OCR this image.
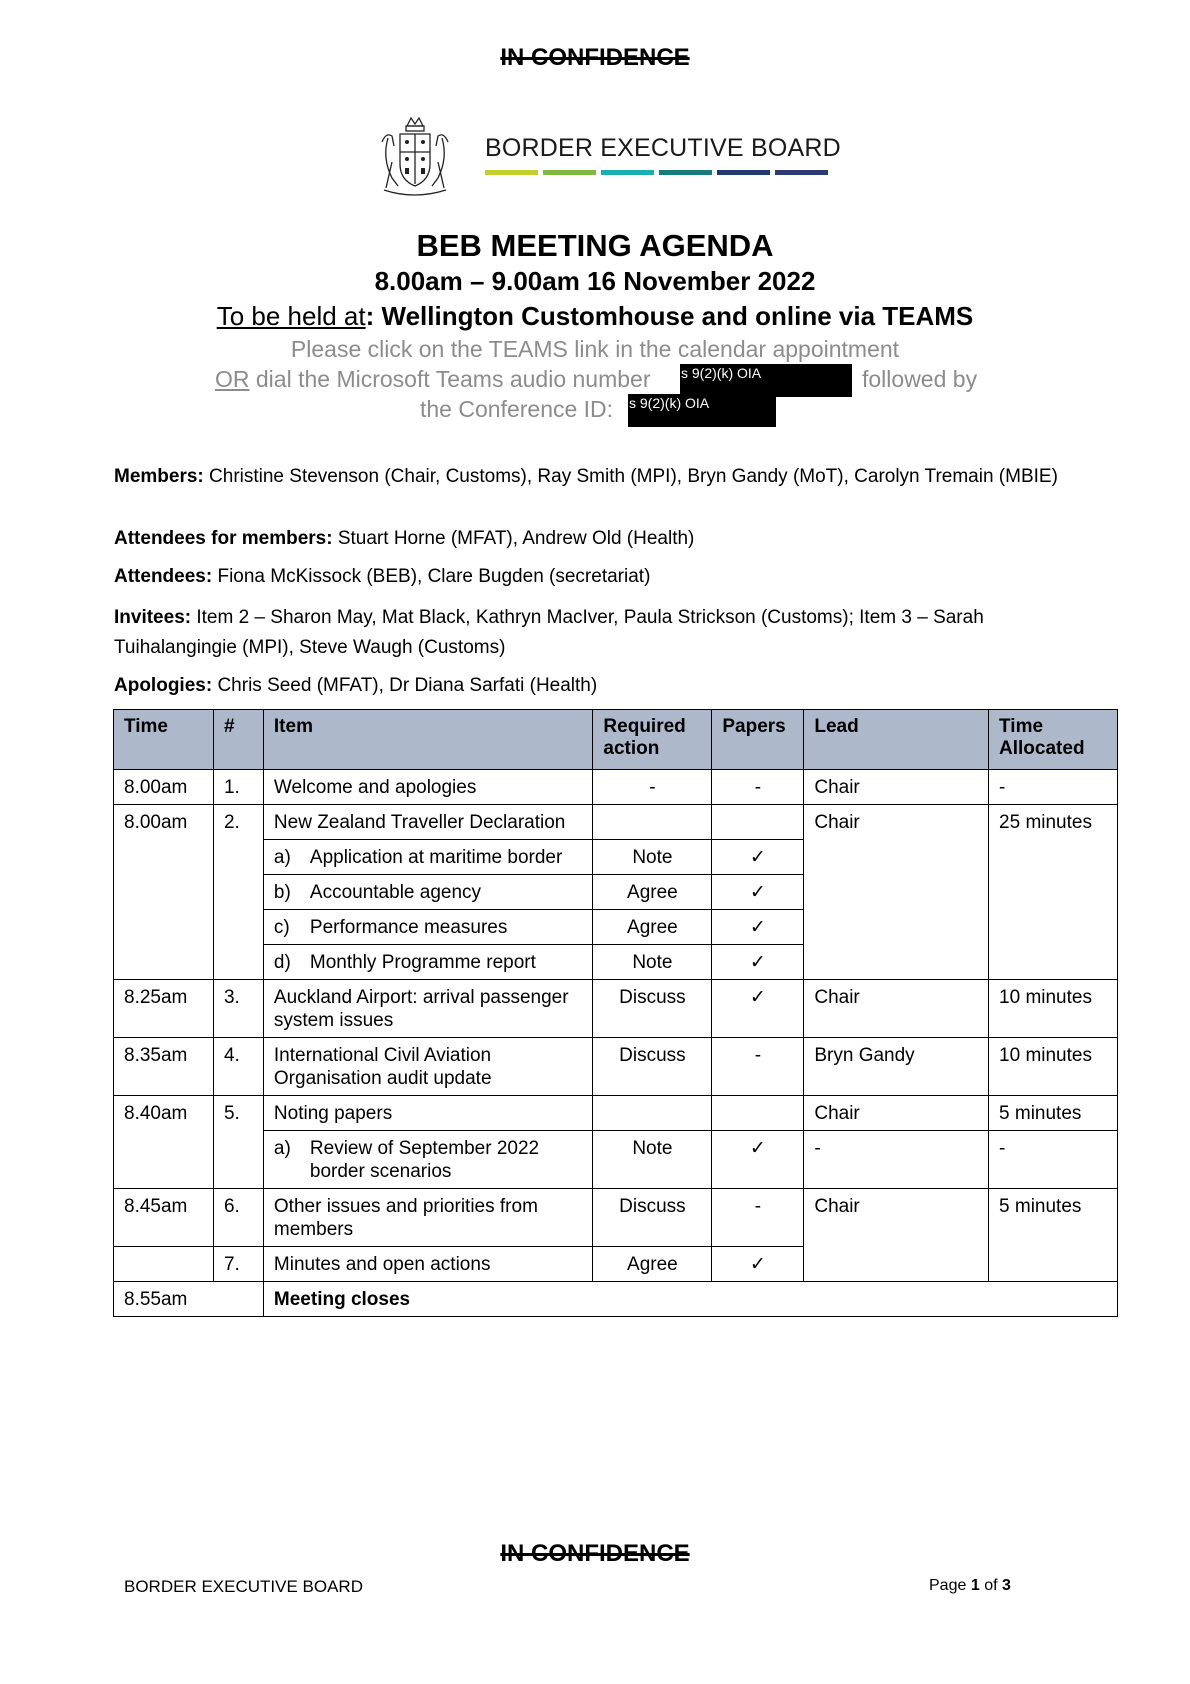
IN CONFIDENCE
BORDER EXECUTIVE BOARD
BEB MEETING AGENDA
8.00am – 9.00am 16 November 2022
To be held at: Wellington Customhouse and online via TEAMS
Please click on the TEAMS link in the calendar appointment
OR dial the Microsoft Teams audio number s 9(2)(k) OIA	followed by
the Conference ID: s 9(2)(k) OIA
Members: Christine Stevenson (Chair, Customs), Ray Smith (MPI), Bryn Gandy (MoT), Carolyn Tremain (MBIE)
Attendees for members: Stuart Horne (MFAT), Andrew Old (Health)
Attendees: Fiona McKissock (BEB), Clare Bugden (secretariat)
Invitees: Item 2 – Sharon May, Mat Black, Kathryn MacIver, Paula Strickson (Customs); Item 3 – Sarah Tuihalangingie (MPI), Steve Waugh (Customs)
Apologies: Chris Seed (MFAT), Dr Diana Sarfati (Health)
Time	#	Item	Required action	Papers	Lead	Time Allocated
8.00am	1.	Welcome and apologies	-	-	Chair	-
8.00am	2.	New Zealand Traveller Declaration			Chair	25 minutes

		a) Application at maritime border	Note	✓		

		b) Accountable agency	Agree	✓		

		c) Performance measures	Agree	✓		

		d) Monthly Programme report	Note	✓		
8.25am	3.	Auckland Airport: arrival passenger system issues	Discuss	✓	Chair	10 minutes
8.35am	4.	International Civil Aviation Organisation audit update	Discuss	-	Bryn Gandy	10 minutes
8.40am	5.	Noting papers			Chair	5 minutes

		a) Review of September 2022 border scenarios	Note	✓	-	-
8.45am	6.	Other issues and priorities from members	Discuss	-	Chair	5 minutes
	7.	Minutes and open actions	Agree	✓		
8.55am		Meeting closes				
IN CONFIDENCE
BORDER EXECUTIVE BOARD	Page 1 of 3
